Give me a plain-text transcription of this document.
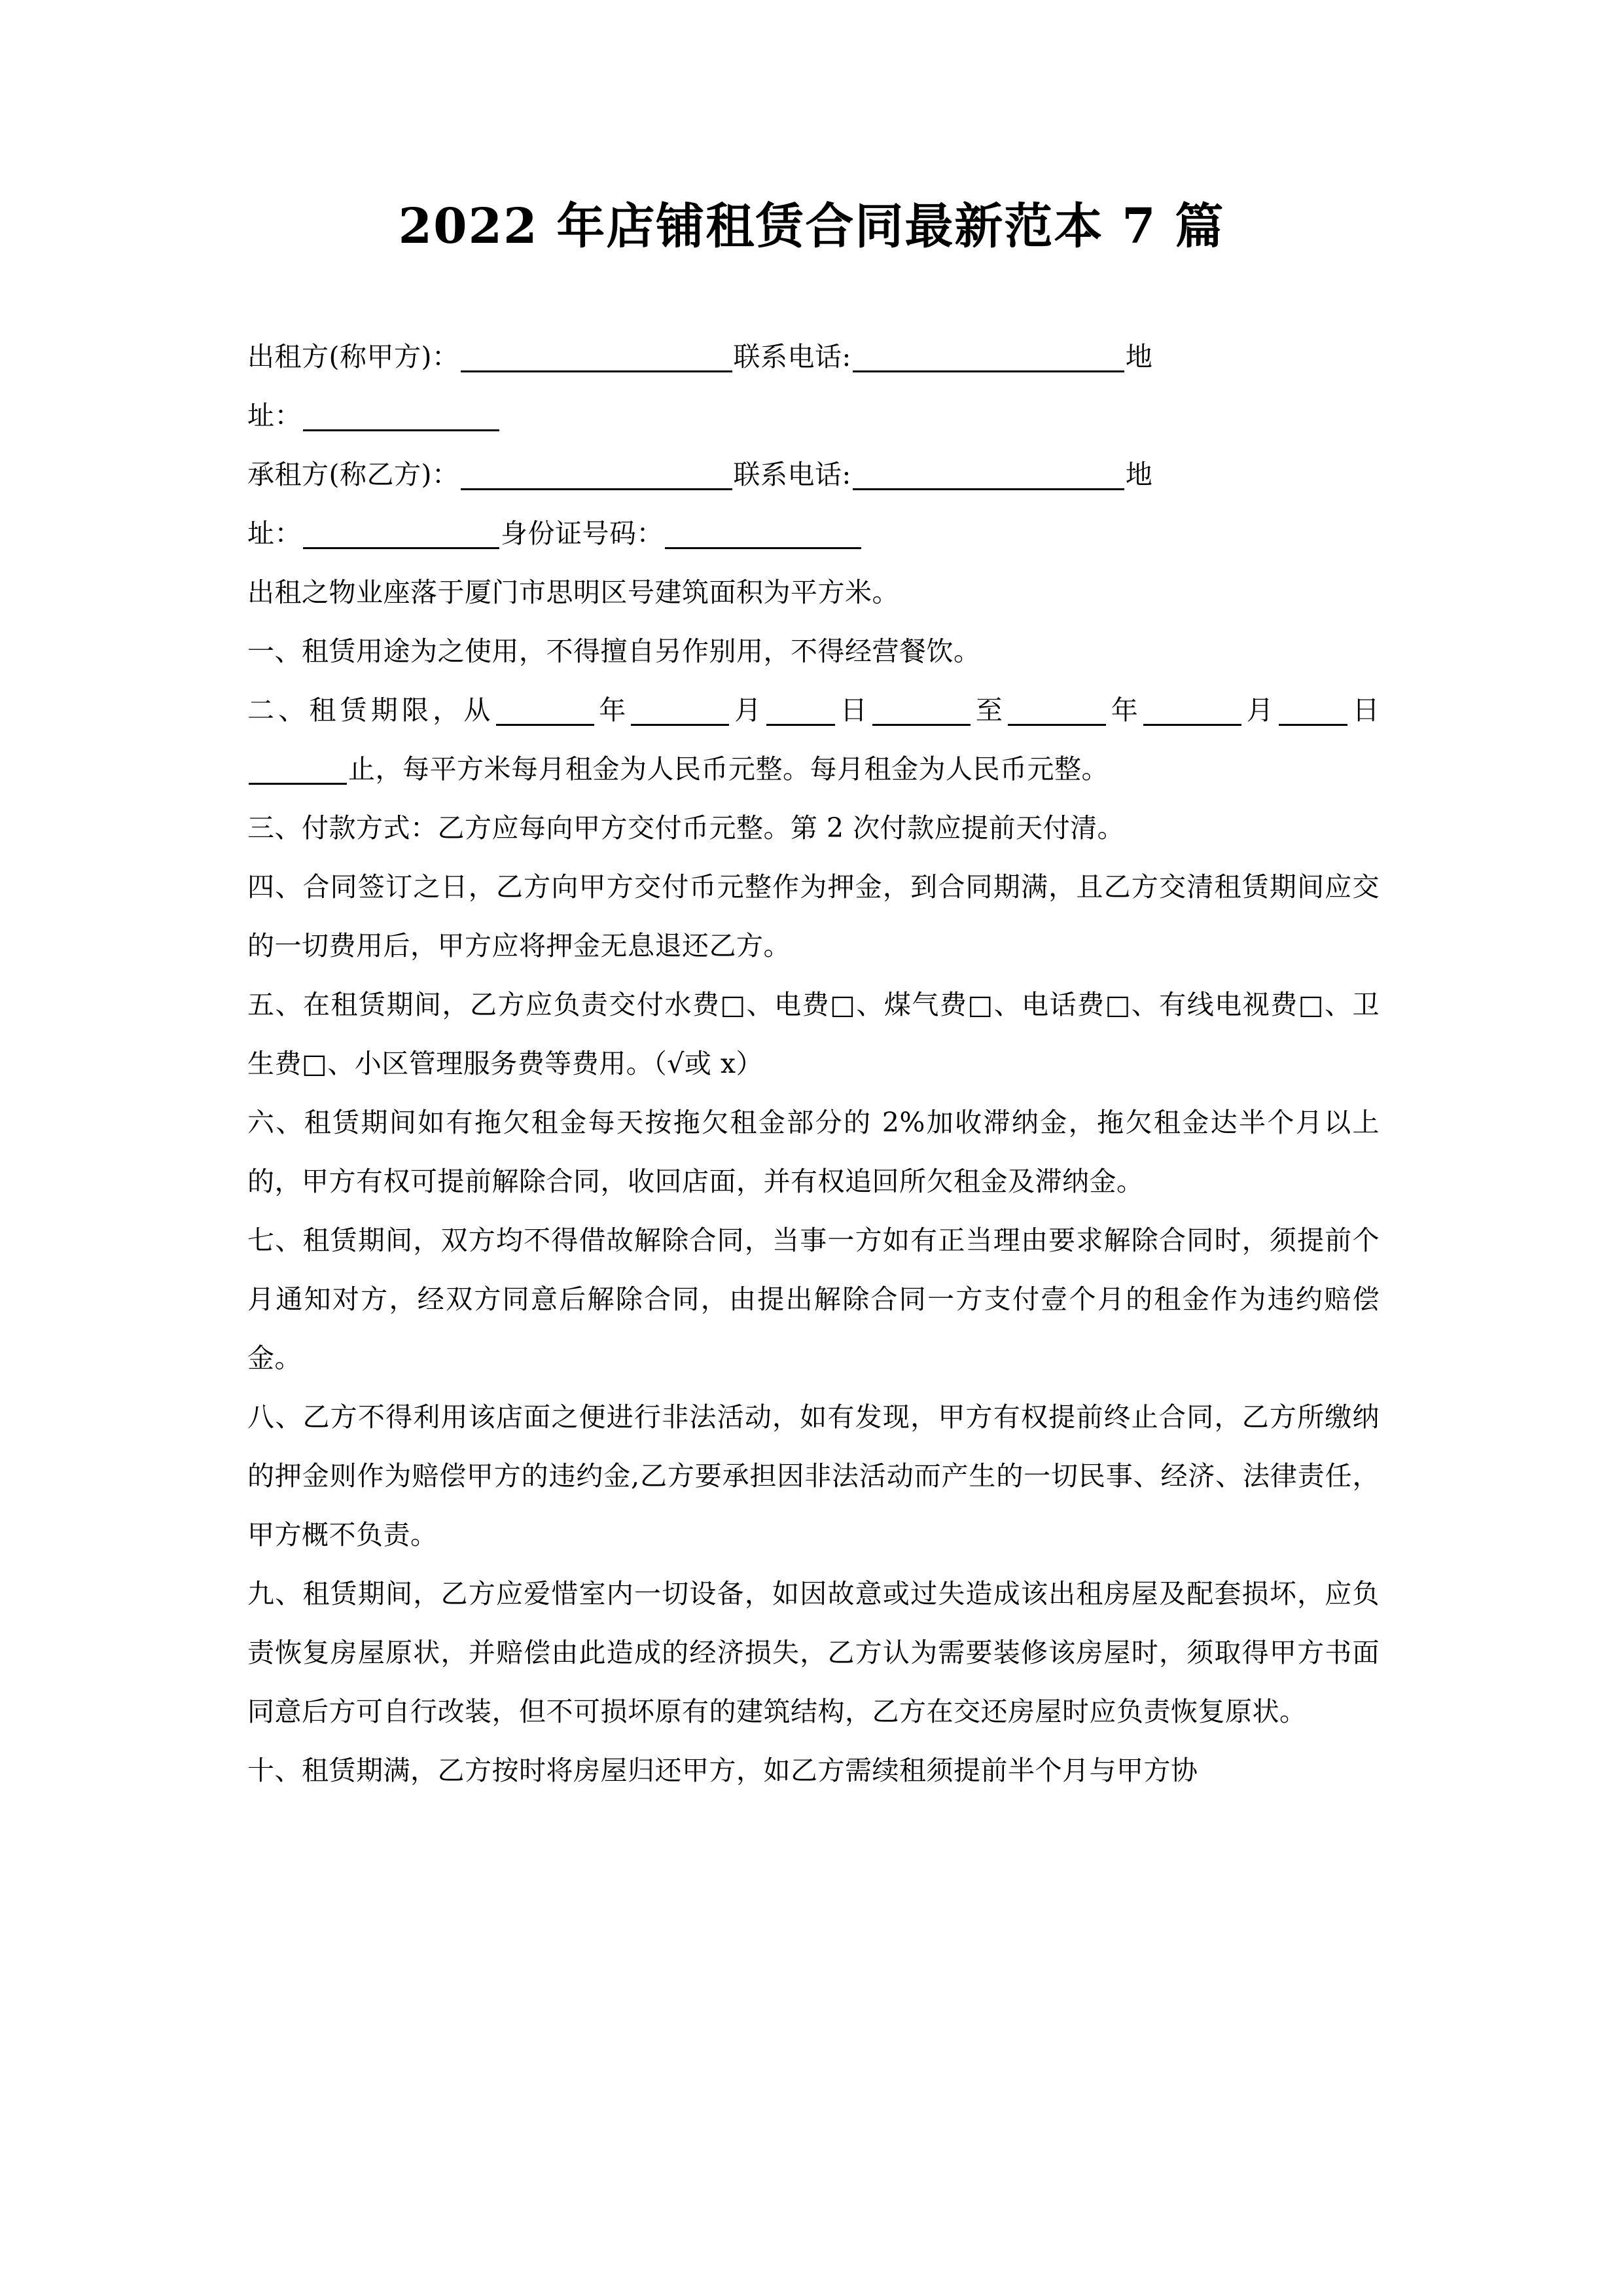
2022 年店铺租赁合同最新范本 7 篇

出租方(称甲方)：	联系电话:	地

址：

承租方(称乙方)：	联系电话:	地

址：	身份证号码：

出租之物业座落于厦门市思明区号建筑面积为平方米。

一、租赁用途为之使用，不得擅自另作别用，不得经营餐饮。

二、租赁期限，从	年	月	日	至	年	月	日止，每平方米每月租金为人民币元整。每月租金为人民币元整。

三、付款方式：乙方应每向甲方交付币元整。第 2 次付款应提前天付清。

四、合同签订之日，乙方向甲方交付币元整作为押金，到合同期满，且乙方交清租赁期间应交的一切费用后，甲方应将押金无息退还乙方。

五、在租赁期间，乙方应负责交付水费□、电费□、煤气费□、电话费□、有线电视费□、卫生费□、小区管理服务费等费用。（√或 x）

六、租赁期间如有拖欠租金每天按拖欠租金部分的 2%加收滞纳金，拖欠租金达半个月以上的，甲方有权可提前解除合同，收回店面，并有权追回所欠租金及滞纳金。

七、租赁期间，双方均不得借故解除合同，当事一方如有正当理由要求解除合同时，须提前个月通知对方，经双方同意后解除合同，由提出解除合同一方支付壹个月的租金作为违约赔偿金。

八、乙方不得利用该店面之便进行非法活动，如有发现，甲方有权提前终止合同，乙方所缴纳的押金则作为赔偿甲方的违约金,乙方要承担因非法活动而产生的一切民事、经济、法律责任，甲方概不负责。

九、租赁期间，乙方应爱惜室内一切设备，如因故意或过失造成该出租房屋及配套损坏，应负责恢复房屋原状，并赔偿由此造成的经济损失，乙方认为需要装修该房屋时，须取得甲方书面同意后方可自行改装，但不可损坏原有的建筑结构，乙方在交还房屋时应负责恢复原状。

十、租赁期满，乙方按时将房屋归还甲方，如乙方需续租须提前半个月与甲方协
